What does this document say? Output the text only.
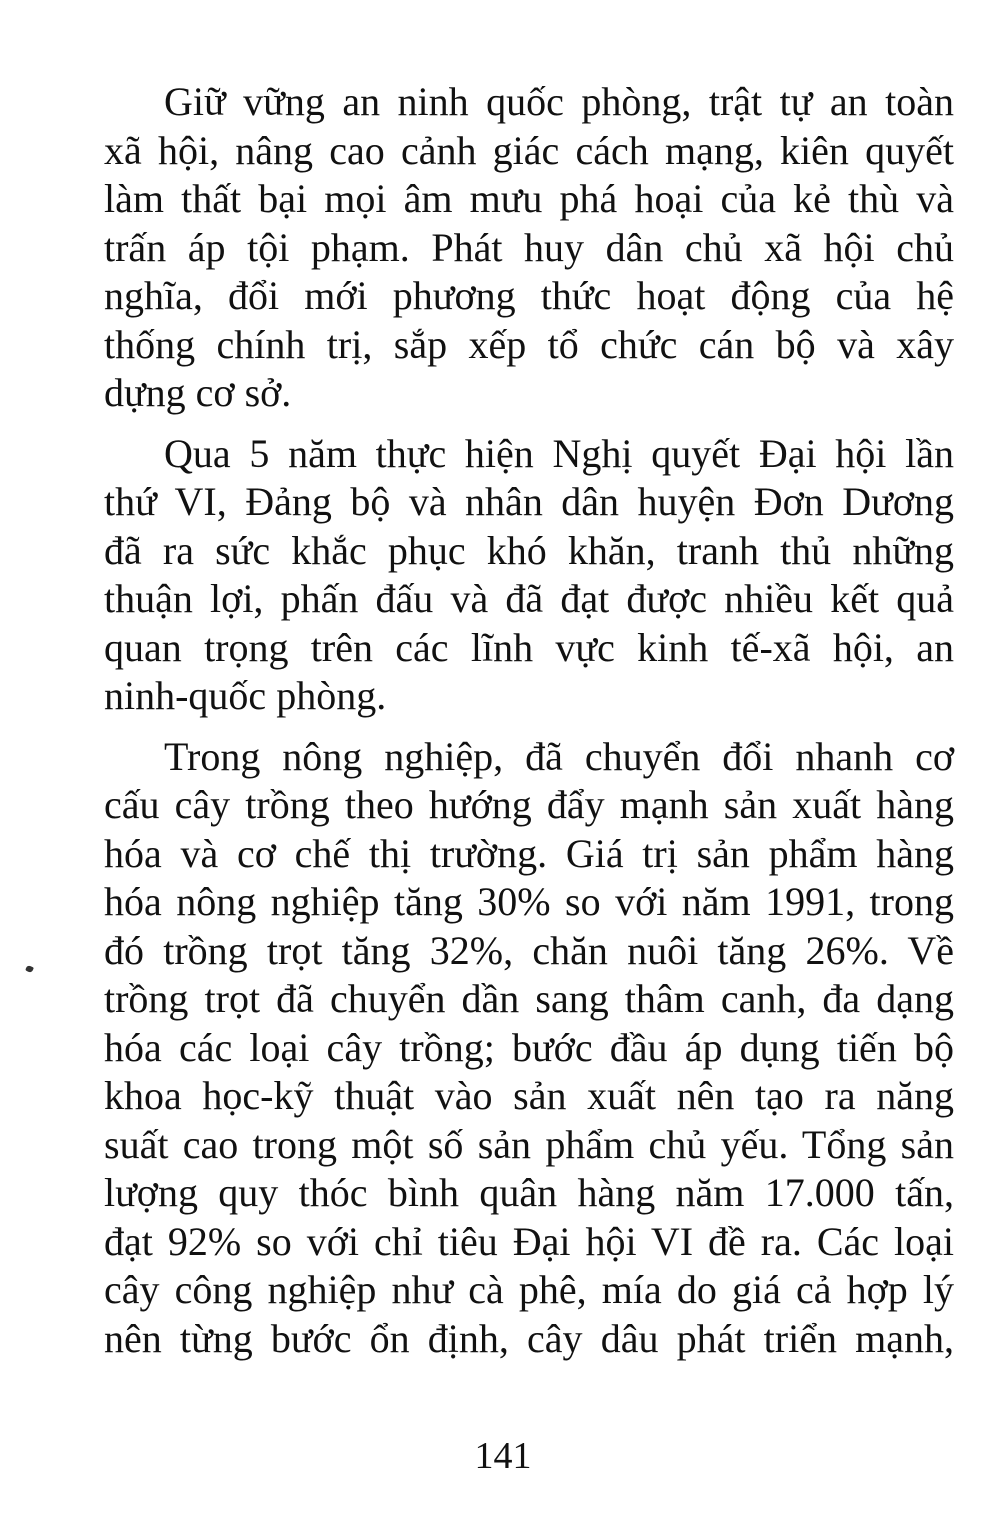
Giữ vững an ninh quốc phòng, trật tự an toàn
xã hội, nâng cao cảnh giác cách mạng, kiên quyết
làm thất bại mọi âm mưu phá hoại của kẻ thù và
trấn áp tội phạm. Phát huy dân chủ xã hội chủ
nghĩa, đổi mới phương thức hoạt động của hệ
thống chính trị, sắp xếp tổ chức cán bộ và xây
dựng cơ sở.

Qua 5 năm thực hiện Nghị quyết Đại hội lần
thứ VI, Đảng bộ và nhân dân huyện Đơn Dương
đã ra sức khắc phục khó khăn, tranh thủ những
thuận lợi, phấn đấu và đã đạt được nhiều kết quả
quan trọng trên các lĩnh vực kinh tế-xã hội, an
ninh-quốc phòng.

Trong nông nghiệp, đã chuyển đổi nhanh cơ
cấu cây trồng theo hướng đẩy mạnh sản xuất hàng
hóa và cơ chế thị trường. Giá trị sản phẩm hàng
hóa nông nghiệp tăng 30% so với năm 1991, trong
đó trồng trọt tăng 32%, chăn nuôi tăng 26%. Về
trồng trọt đã chuyển dần sang thâm canh, đa dạng
hóa các loại cây trồng; bước đầu áp dụng tiến bộ
khoa học-kỹ thuật vào sản xuất nên tạo ra năng
suất cao trong một số sản phẩm chủ yếu. Tổng sản
lượng quy thóc bình quân hàng năm 17.000 tấn,
đạt 92% so với chỉ tiêu Đại hội VI đề ra. Các loại
cây công nghiệp như cà phê, mía do giá cả hợp lý
nên từng bước ổn định, cây dâu phát triển mạnh,

141
